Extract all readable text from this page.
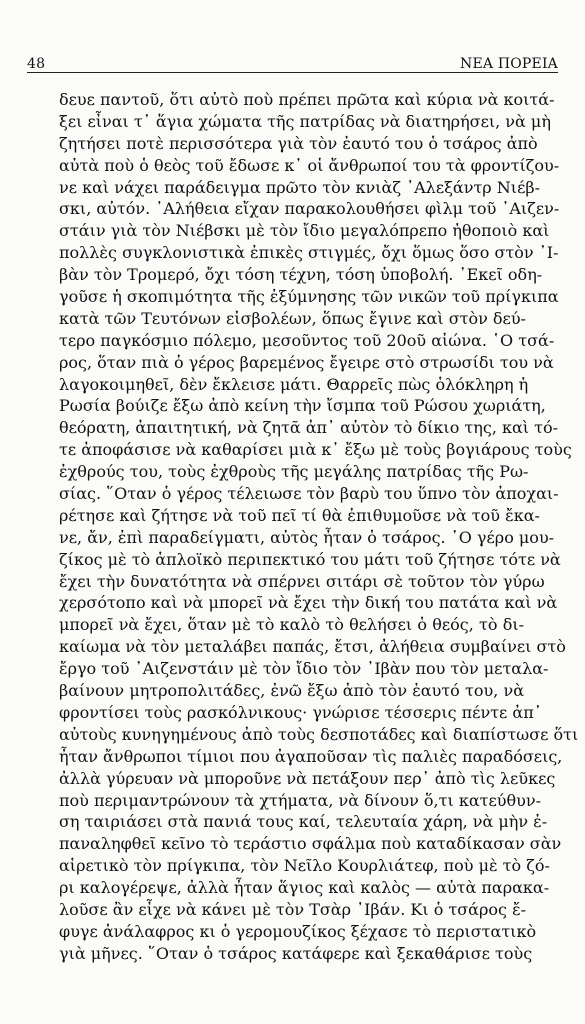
48	ΝΕΑ ΠΟΡΕΙΑ
δευε παντοῦ, ὅτι αὐτὸ ποὺ πρέπει πρῶτα καὶ κύρια νὰ κοιτά-
ξει εἶναι τ᾿ ἅγια χώματα τῆς πατρίδας νὰ διατηρήσει, νὰ μὴ
ζητήσει ποτὲ περισσότερα γιὰ τὸν ἑαυτό του ὁ τσάρος ἀπὸ
αὐτὰ ποὺ ὁ θεὸς τοῦ ἔδωσε κ᾿ οἱ ἄνθρωποί του τὰ φροντίζου-
νε καὶ νάχει παράδειγμα πρῶτο τὸν κνιὰζ ᾿Αλεξάντρ Νιέβ-
σκι, αὐτόν. ᾿Αλήθεια εἴχαν παρακολουθήσει φὶλμ τοῦ ᾿Αιζεν-
στάιν γιὰ τὸν Νιέβσκι μὲ τὸν ἴδιο μεγαλόπρεπο ἠθοποιὸ καὶ
πολλὲς συγκλονιστικὰ ἐπικὲς στιγμές, ὄχι ὅμως ὅσο στὸν ᾿Ι-
βὰν τὸν Τρομερό, ὄχι τόση τέχνη, τόση ὑποβολή. ᾿Εκεῖ οδη-
γοῦσε ἡ σκοπιμότητα τῆς ἐξύμνησης τῶν νικῶν τοῦ πρίγκιπα
κατὰ τῶν Τευτόνων εἰσβολέων, ὅπως ἔγινε καὶ στὸν δεύ-
τερο παγκόσμιο πόλεμο, μεσοῦντος τοῦ 20οῦ αἰώνα. ῾Ο τσά-
ρος, ὅταν πιὰ ὁ γέρος βαρεμένος ἔγειρε στὸ στρωσίδι του νὰ
λαγοκοιμηθεῖ, δὲν ἔκλεισε μάτι. Θαρρεῖς πὼς ὁλόκληρη ἡ
Ρωσία βούιζε ἔξω ἀπὸ κείνη τὴν ἴσμπα τοῦ Ρώσου χωριάτη,
θεόρατη, ἀπαιτητική, νὰ ζητᾶ ἀπ᾿ αὐτὸν τὸ δίκιο της, καὶ τό-
τε ἀποφάσισε νὰ καθαρίσει μιὰ κ᾿ ἔξω μὲ τοὺς βογιάρους τοὺς
ἐχθρούς του, τοὺς ἐχθροὺς τῆς μεγάλης πατρίδας τῆς Ρω-
σίας. ῞Οταν ὁ γέρος τέλειωσε τὸν βαρὺ του ὕπνο τὸν ἀποχαι-
ρέτησε καὶ ζήτησε νὰ τοῦ πεῖ τί θὰ ἐπιθυμοῦσε νὰ τοῦ ἔκα-
νε, ἄν, ἐπὶ παραδείγματι, αὐτὸς ἦταν ὁ τσάρος. ῾Ο γέρο μου-
ζίκος μὲ τὸ ἁπλοϊκὸ περιπεκτικό του μάτι τοῦ ζήτησε τότε νὰ
ἔχει τὴν δυνατότητα νὰ σπέρνει σιτάρι σὲ τοῦτον τὸν γύρω
χερσότοπο καὶ νὰ μπορεῖ νὰ ἔχει τὴν δική του πατάτα καὶ νὰ
μπορεῖ νὰ ἔχει, ὅταν μὲ τὸ καλὸ τὸ θελήσει ὁ θεός, τὸ δι-
καίωμα νὰ τὸν μεταλάβει παπάς, ἔτσι, ἀλήθεια συμβαίνει στὸ
ἔργο τοῦ ᾿Αιζενστάιν μὲ τὸν ἴδιο τὸν ᾿Ιβὰν που τὸν μεταλα-
βαίνουν μητροπολιτάδες, ἐνῶ ἔξω ἀπὸ τὸν ἑαυτό του, νὰ
φροντίσει τοὺς ρασκόλνικους· γνώρισε τέσσερις πέντε ἀπ᾿
αὐτοὺς κυνηγημένους ἀπὸ τοὺς δεσποτάδες καὶ διαπίστωσε ὅτι
ἦταν ἄνθρωποι τίμιοι που ἀγαποῦσαν τὶς παλιὲς παραδόσεις,
ἀλλὰ γύρευαν νὰ μποροῦνε νὰ πετάξουν περ᾿ ἀπὸ τὶς λεῦκες
ποὺ περιμαντρώνουν τὰ χτήματα, νὰ δίνουν ὅ,τι κατεύθυν-
ση ταιριάσει στὰ πανιά τους καί, τελευταία χάρη, νὰ μὴν ἐ-
παναληφθεῖ κεῖνο τὸ τεράστιο σφάλμα ποὺ καταδίκασαν σὰν
αἱρετικὸ τὸν πρίγκιπα, τὸν Νεῖλο Κουρλιάτεφ, ποὺ μὲ τὸ ζό-
ρι καλογέρεψε, ἀλλὰ ἦταν ἅγιος καὶ καλὸς — αὐτὰ παρακα-
λοῦσε ἂν εἶχε νὰ κάνει μὲ τὸν Τσὰρ ᾿Ιβάν. Κι ὁ τσάρος ἔ-
φυγε ἀνάλαφρος κι ὁ γερομουζίκος ξέχασε τὸ περιστατικὸ
γιὰ μῆνες. ῞Οταν ὁ τσάρος κατάφερε καὶ ξεκαθάρισε τοὺς
